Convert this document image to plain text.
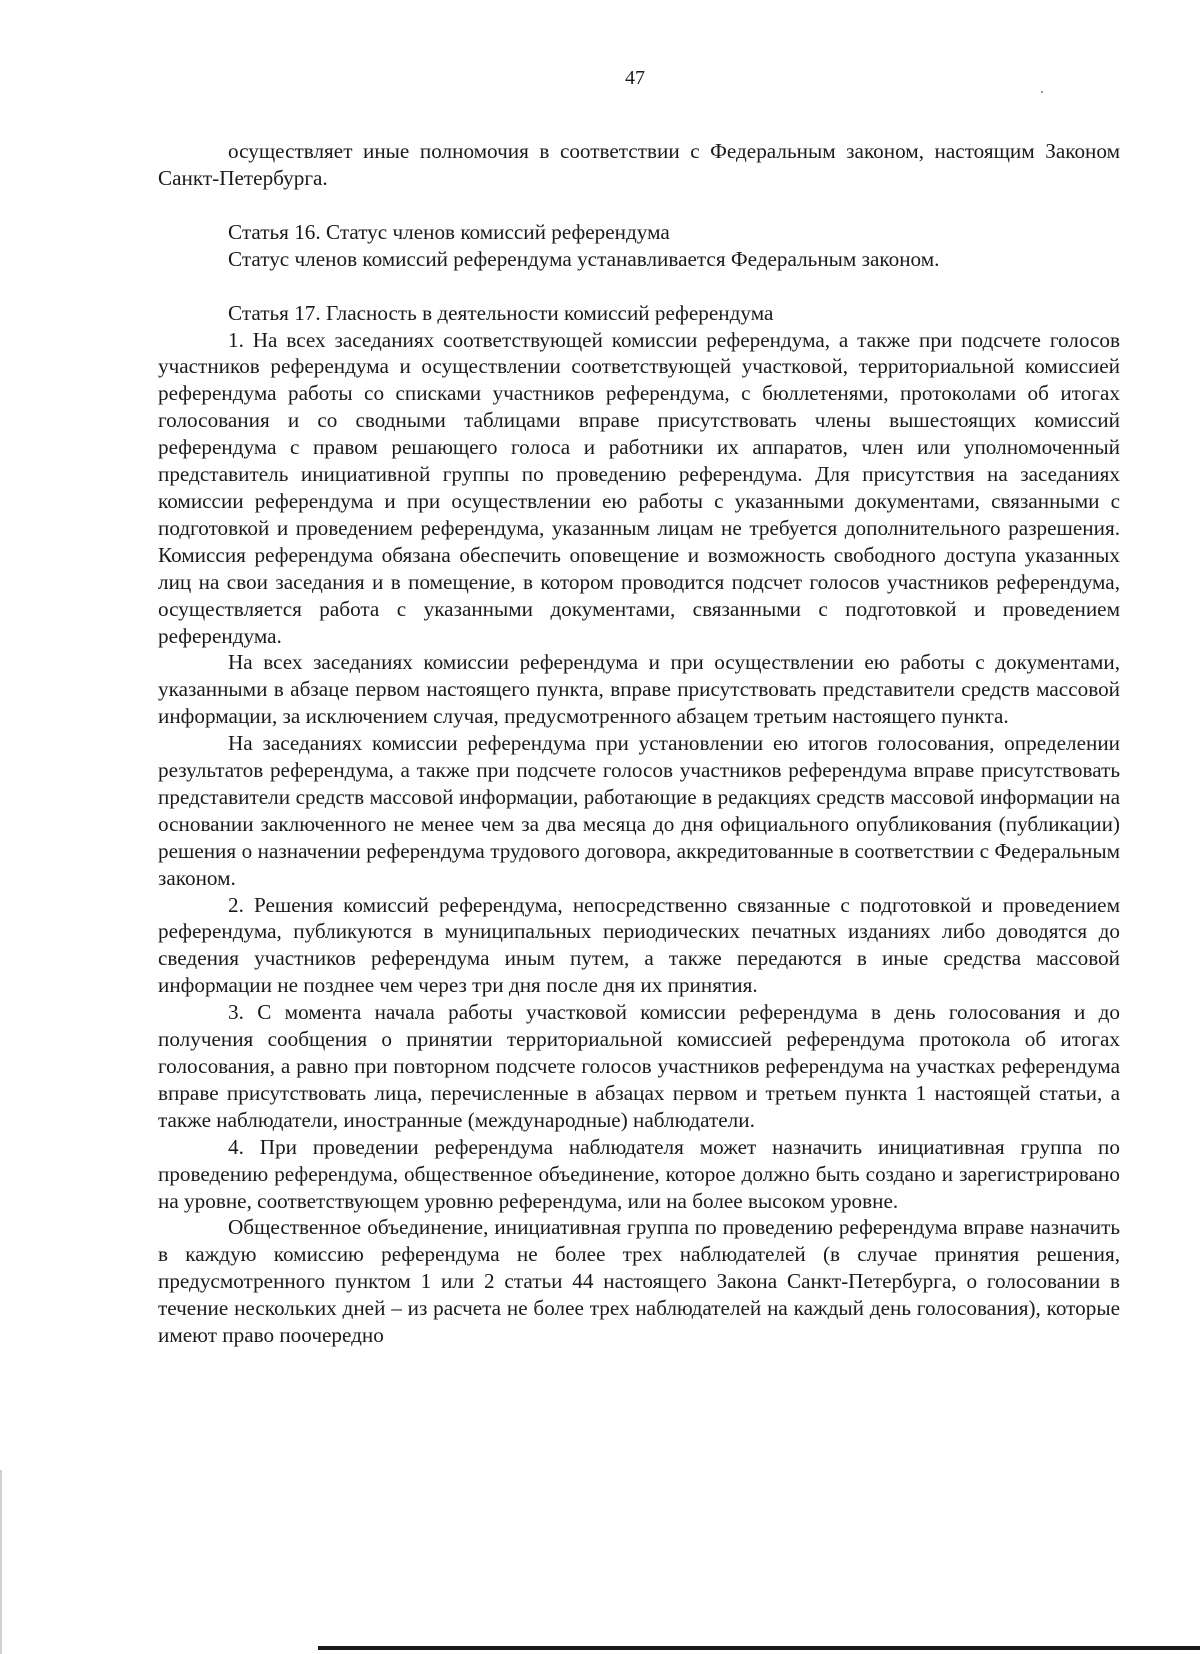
47

осуществляет иные полномочия в соответствии с Федеральным законом, настоящим Законом Санкт-Петербурга.

Статья 16. Статус членов комиссий референдума

Статус членов комиссий референдума устанавливается Федеральным законом.

Статья 17. Гласность в деятельности комиссий референдума

1. На всех заседаниях соответствующей комиссии референдума, а также при подсчете голосов участников референдума и осуществлении соответствующей участковой, территориальной комиссией референдума работы со списками участников референдума, с бюллетенями, протоколами об итогах голосования и со сводными таблицами вправе присутствовать члены вышестоящих комиссий референдума с правом решающего голоса и работники их аппаратов, член или уполномоченный представитель инициативной группы по проведению референдума. Для присутствия на заседаниях комиссии референдума и при осуществлении ею работы с указанными документами, связанными с подготовкой и проведением референдума, указанным лицам не требуется дополнительного разрешения. Комиссия референдума обязана обеспечить оповещение и возможность свободного доступа указанных лиц на свои заседания и в помещение, в котором проводится подсчет голосов участников референдума, осуществляется работа с указанными документами, связанными с подготовкой и проведением референдума.

На всех заседаниях комиссии референдума и при осуществлении ею работы с документами, указанными в абзаце первом настоящего пункта, вправе присутствовать представители средств массовой информации, за исключением случая, предусмотренного абзацем третьим настоящего пункта.

На заседаниях комиссии референдума при установлении ею итогов голосования, определении результатов референдума, а также при подсчете голосов участников референдума вправе присутствовать представители средств массовой информации, работающие в редакциях средств массовой информации на основании заключенного не менее чем за два месяца до дня официального опубликования (публикации) решения о назначении референдума трудового договора, аккредитованные в соответствии с Федеральным законом.

2. Решения комиссий референдума, непосредственно связанные с подготовкой и проведением референдума, публикуются в муниципальных периодических печатных изданиях либо доводятся до сведения участников референдума иным путем, а также передаются в иные средства массовой информации не позднее чем через три дня после дня их принятия.

3. С момента начала работы участковой комиссии референдума в день голосования и до получения сообщения о принятии территориальной комиссией референдума протокола об итогах голосования, а равно при повторном подсчете голосов участников референдума на участках референдума вправе присутствовать лица, перечисленные в абзацах первом и третьем пункта 1 настоящей статьи, а также наблюдатели, иностранные (международные) наблюдатели.

4. При проведении референдума наблюдателя может назначить инициативная группа по проведению референдума, общественное объединение, которое должно быть создано и зарегистрировано на уровне, соответствующем уровню референдума, или на более высоком уровне.

Общественное объединение, инициативная группа по проведению референдума вправе назначить в каждую комиссию референдума не более трех наблюдателей (в случае принятия решения, предусмотренного пунктом 1 или 2 статьи 44 настоящего Закона Санкт-Петербурга, о голосовании в течение нескольких дней – из расчета не более трех наблюдателей на каждый день голосования), которые имеют право поочередно
